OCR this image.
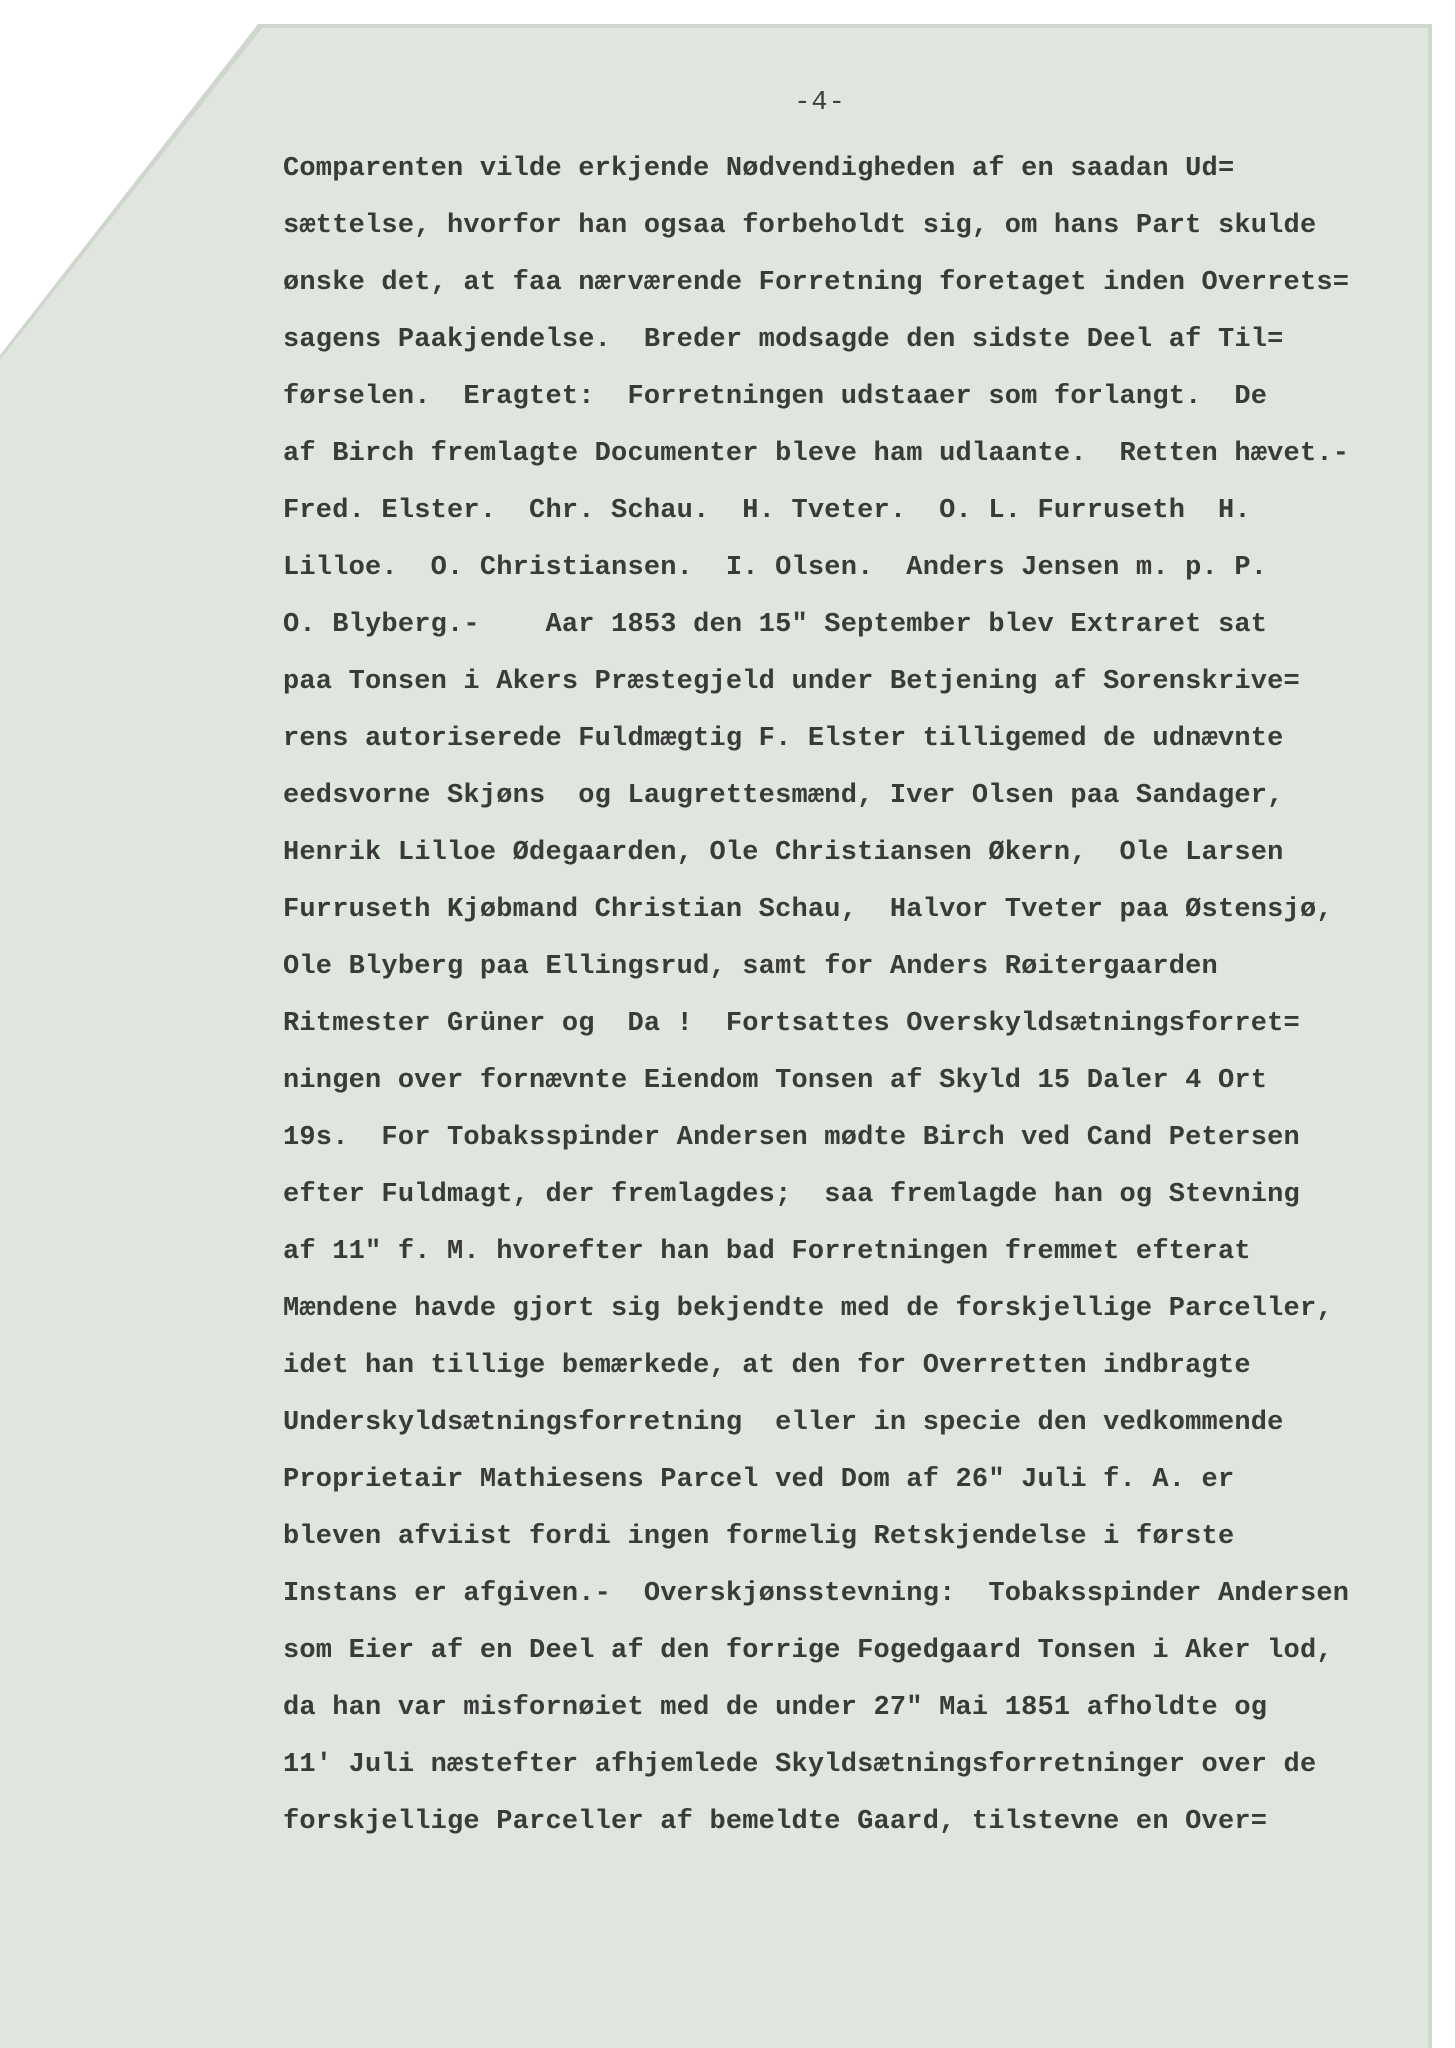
-4-
Comparenten vilde erkjende Nødvendigheden af en saadan Ud=
sættelse, hvorfor han ogsaa forbeholdt sig, om hans Part skulde
ønske det, at faa nærværende Forretning foretaget inden Overrets=
sagens Paakjendelse.  Breder modsagde den sidste Deel af Til=
førselen.  Eragtet:  Forretningen udstaaer som forlangt.  De
af Birch fremlagte Documenter bleve ham udlaante.  Retten hævet.-
Fred. Elster.  Chr. Schau.  H. Tveter.  O. L. Furruseth  H.
Lilloe.  O. Christiansen.  I. Olsen.  Anders Jensen m. p. P.
O. Blyberg.-    Aar 1853 den 15" September blev Extraret sat
paa Tonsen i Akers Præstegjeld under Betjening af Sorenskrive=
rens autoriserede Fuldmægtig F. Elster tilligemed de udnævnte
eedsvorne Skjøns  og Laugrettesmænd, Iver Olsen paa Sandager,
Henrik Lilloe Ødegaarden, Ole Christiansen Økern,  Ole Larsen
Furruseth Kjøbmand Christian Schau,  Halvor Tveter paa Østensjø,
Ole Blyberg paa Ellingsrud, samt for Anders Røitergaarden
Ritmester Grüner og  Da !  Fortsattes Overskyldsætningsforret=
ningen over fornævnte Eiendom Tonsen af Skyld 15 Daler 4 Ort
19s.  For Tobaksspinder Andersen mødte Birch ved Cand Petersen
efter Fuldmagt, der fremlagdes;  saa fremlagde han og Stevning
af 11" f. M. hvorefter han bad Forretningen fremmet efterat
Mændene havde gjort sig bekjendte med de forskjellige Parceller,
idet han tillige bemærkede, at den for Overretten indbragte
Underskyldsætningsforretning  eller in specie den vedkommende
Proprietair Mathiesens Parcel ved Dom af 26" Juli f. A. er
bleven afviist fordi ingen formelig Retskjendelse i første
Instans er afgiven.-  Overskjønsstevning:  Tobaksspinder Andersen
som Eier af en Deel af den forrige Fogedgaard Tonsen i Aker lod,
da han var misfornøiet med de under 27" Mai 1851 afholdte og
11' Juli næstefter afhjemlede Skyldsætningsforretninger over de
forskjellige Parceller af bemeldte Gaard, tilstevne en Over=
